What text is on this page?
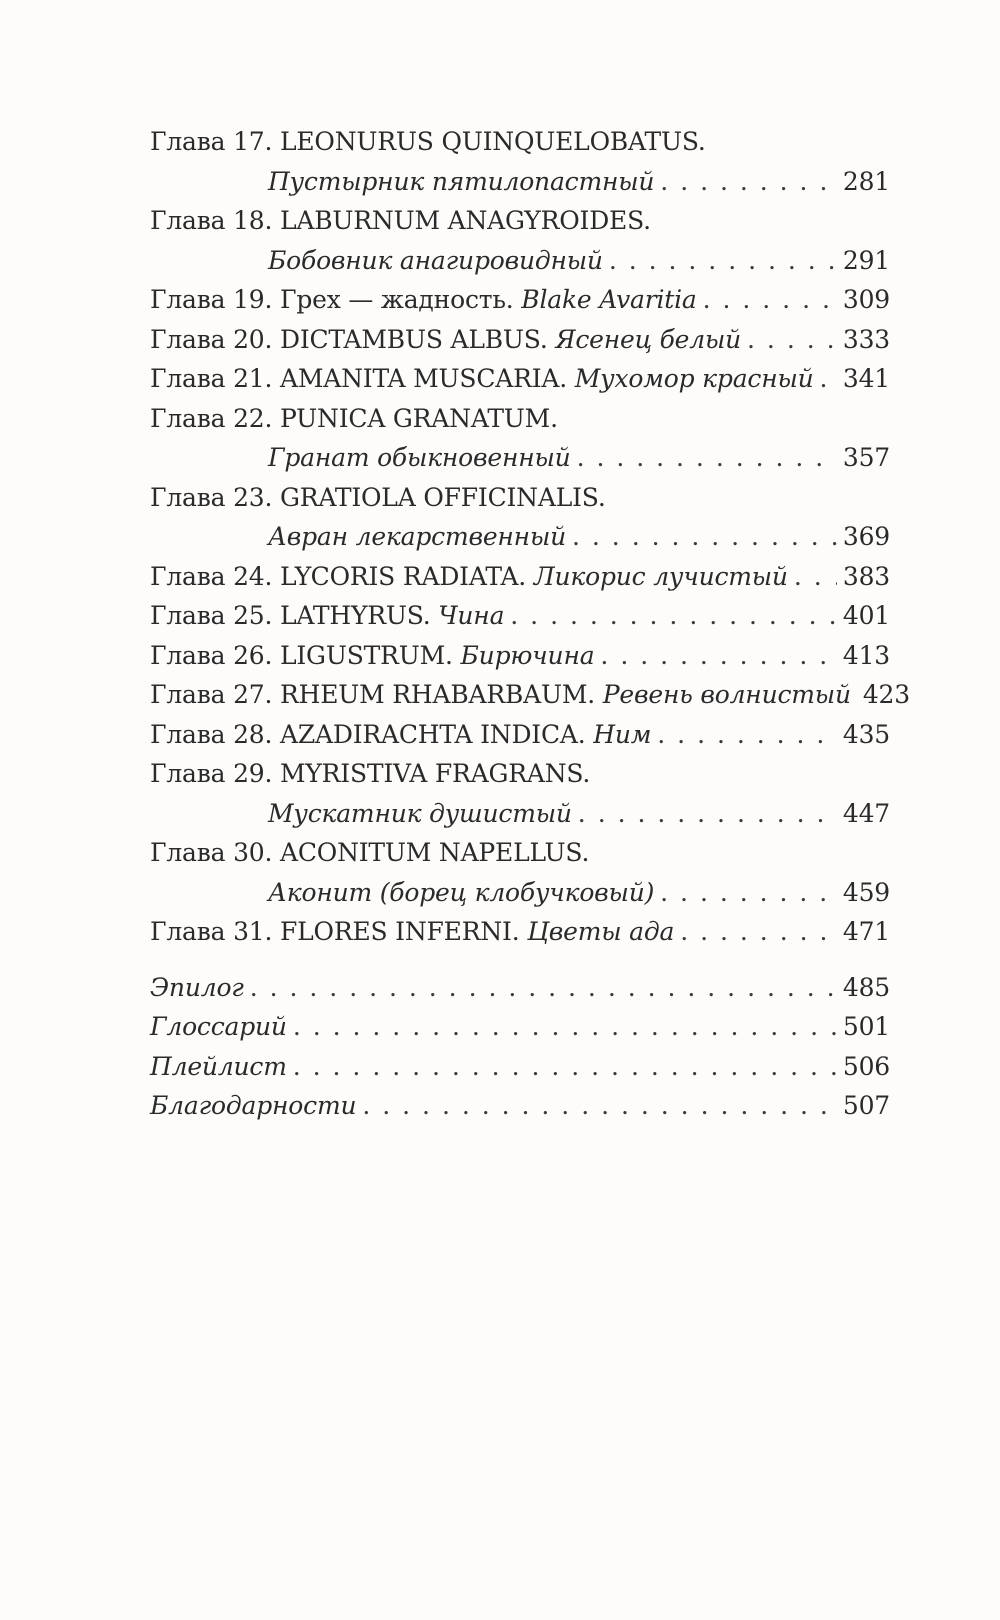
Глава 17.
LEONURUS QUINQUELOBATUS.
Пустырник пятилопастный . . .	281
Глава 18.
LABURNUM ANAGYROIDES.
Бобовник анагировидный . . .	291
Глава 19.
Грех — жадность.
Blake Avaritia . . .	309
Глава 20.
DICTAMBUS ALBUS.
Ясенец белый . . .	333
Глава 21.
AMANITA MUSCARIA.
Мухомор красный . . . 341
Глава 22.
PUNICA GRANATUM.
Гранат обыкновенный . . .	357
Глава 23.
GRATIOLA OFFICINALIS.
Авран лекарственный . . .	369
Глава 24.
LYCORIS RADIATA.
Ликорис лучистый . . . 383
Глава 25.
LATHYRUS.
Чина . . .	401
Глава 26.
LIGUSTRUM.
Бирючина . . .	413
Глава 27.
RHEUM RHABARBAUM.
Ревень волнистый 423
Глава 28.
AZADIRACHTA INDICA.
Ним . . .	435
Глава 29.
MYRISTIVA FRAGRANS.
Мускатник душистый . . .	447
Глава 30.
ACONITUM NAPELLUS.
Аконит (борец клобучковый) . . .	459
Глава 31.
FLORES INFERNI.
Цветы ада . . .	471
Эпилог . . .	485
Глоссарий . . .	501
Плейлист . . .	506
Благодарности . . .	507
